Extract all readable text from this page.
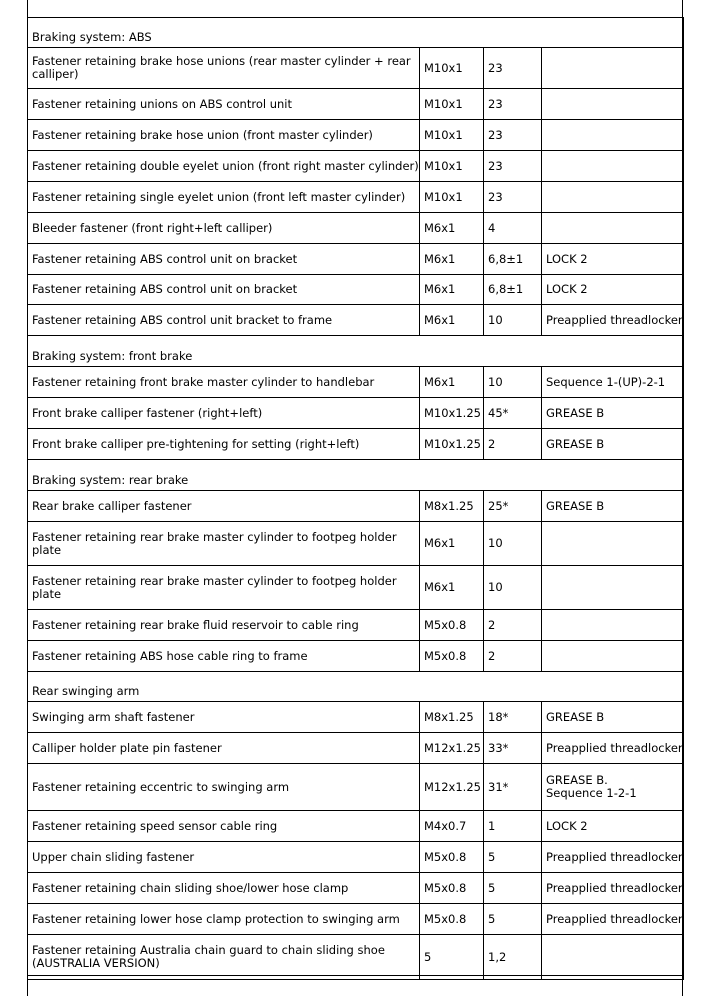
Braking system: ABS			
Fastener retaining brake hose unions (rear master cylinder + rear calliper)	M10x1	23	
Fastener retaining unions on ABS control unit	M10x1	23	
Fastener retaining brake hose union (front master cylinder)	M10x1	23	
Fastener retaining double eyelet union (front right master cylinder)	M10x1	23	
Fastener retaining single eyelet union (front left master cylinder)	M10x1	23	
Bleeder fastener (front right+left calliper)	M6x1	4	
Fastener retaining ABS control unit on bracket	M6x1	6,8±1	LOCK 2

Fastener retaining ABS control unit on bracket	M6x1	6,8±1	LOCK 2

Fastener retaining ABS control unit bracket to frame	M6x1	10	Preapplied threadlocker

Braking system: front brake			
Fastener retaining front brake master cylinder to handlebar	M6x1	10	Sequence 1-(UP)-2-1

Front brake calliper fastener (right+left)	M10x1.25	45*	GREASE B

Front brake calliper pre-tightening for setting (right+left)	M10x1.25	2	GREASE B

Braking system: rear brake			
Rear brake calliper fastener	M8x1.25	25*	GREASE B

Fastener retaining rear brake master cylinder to footpeg holder plate	M6x1	10	
Fastener retaining rear brake master cylinder to footpeg holder plate	M6x1	10	
Fastener retaining rear brake fluid reservoir to cable ring	M5x0.8	2	
Fastener retaining ABS hose cable ring to frame	M5x0.8	2	
Rear swinging arm			
Swinging arm shaft fastener	M8x1.25	18*	GREASE B

Calliper holder plate pin fastener	M12x1.25	33*	Preapplied threadlocker

Fastener retaining eccentric to swinging arm	M12x1.25	31*	GREASE B.
Sequence 1-2-1

Fastener retaining speed sensor cable ring	M4x0.7	1	LOCK 2

Upper chain sliding fastener	M5x0.8	5	Preapplied threadlocker

Fastener retaining chain sliding shoe/lower hose clamp	M5x0.8	5	Preapplied threadlocker

Fastener retaining lower hose clamp protection to swinging arm	M5x0.8	5	Preapplied threadlocker

Fastener retaining Australia chain guard to chain sliding shoe (AUSTRALIA VERSION)	5	1,2	
